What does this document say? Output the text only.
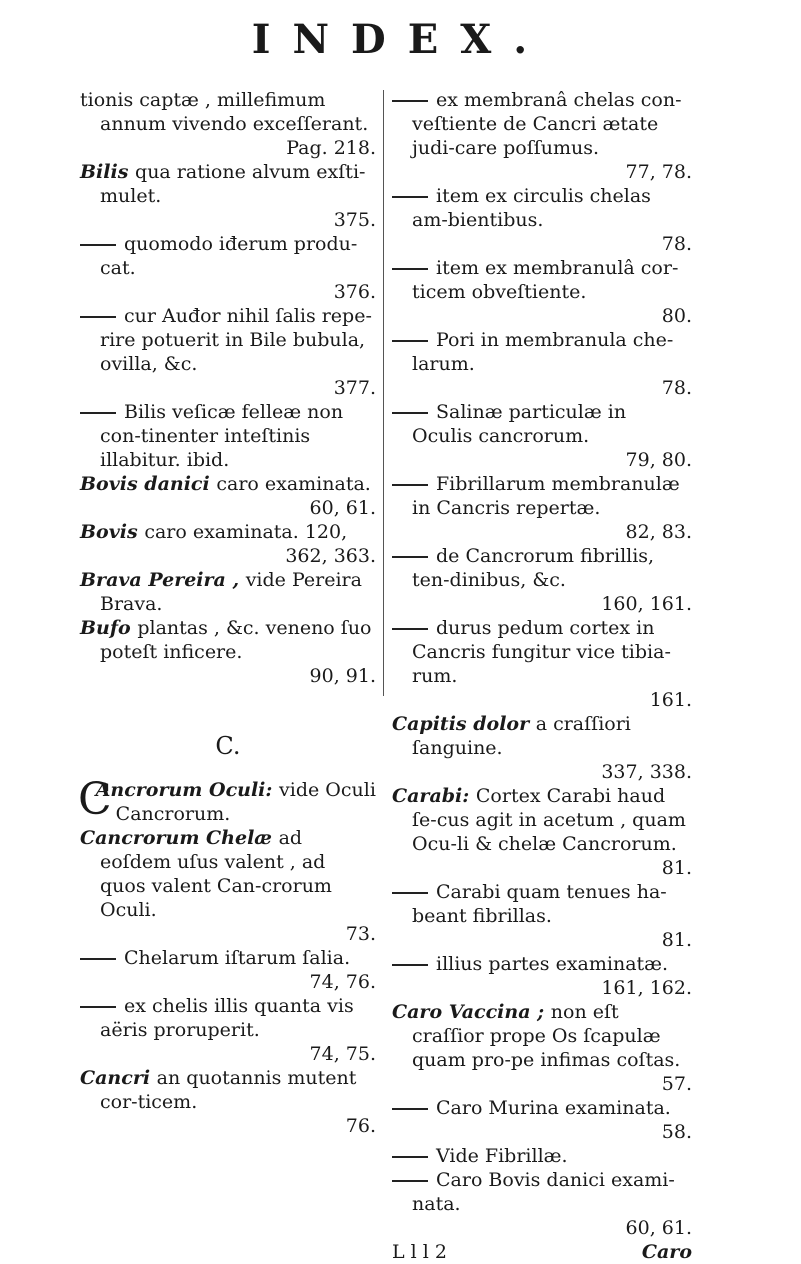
INDEX.
tionis captæ , millefimum annum vivendo exceſſerant.
Pag. 218.
Bilis qua ratione alvum exſti-mulet.
375.
quomodo iđerum produ-cat.
376.
cur Auđor nihil ſalis repe-rire potuerit in Bile bubula, ovilla, &c.
377.
Bilis veſicæ felleæ non con-tinenter inteſtinis illabitur. ibid.
Bovis danici caro examinata.
60, 61.
Bovis caro examinata. 120,
362, 363.
Brava Pereira , vide Pereira Brava.
Bufo plantas , &c. veneno ſuo poteſt inficere.
90, 91.
C.
C
Ancrorum Oculi: vide Oculi Cancrorum.
Cancrorum Chelæ ad eoſdem uſus valent , ad quos valent Can-crorum Oculi.
73.
Chelarum iſtarum ſalia.
74, 76.
ex chelis illis quanta vis aëris proruperit.
74, 75.
Cancri an quotannis mutent cor-ticem.
76.
ex membranâ chelas con-veſtiente de Cancri ætate judi-care poſſumus.
77, 78.
item ex circulis chelas am-bientibus.
78.
item ex membranulâ cor-ticem obveſtiente.
80.
Pori in membranula che-larum.
78.
Salinæ particulæ in Oculis cancrorum.
79, 80.
Fibrillarum membranulæ in Cancris repertæ.
82, 83.
de Cancrorum fibrillis, ten-dinibus, &c.
160, 161.
durus pedum cortex in Cancris fungitur vice tibia-rum.
161.
Capitis dolor a craſſiori ſanguine.
337, 338.
Carabi: Cortex Carabi haud ſe-cus agit in acetum , quam Ocu-li & chelæ Cancrorum.
81.
Carabi quam tenues ha-beant fibrillas.
81.
illius partes examinatæ.
161, 162.
Caro Vaccina ; non eſt craſſior prope Os ſcapulæ quam pro-pe infimas coſtas.
57.
Caro Murina examinata.
58.
Vide Fibrillæ.
Caro Bovis danici exami-nata.
60, 61.
L l l 2	Caro
